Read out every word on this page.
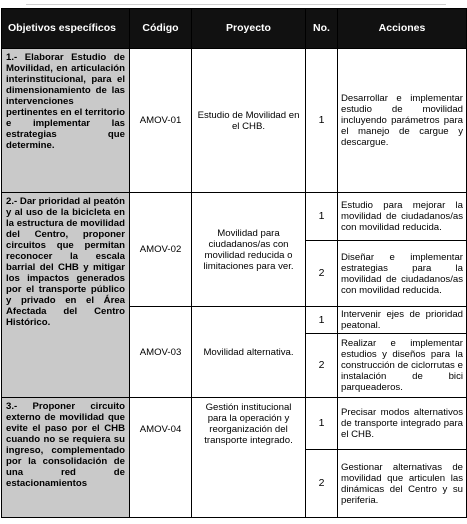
Objetivos específicos	Código	Proyecto	No.	Acciones
1.- Elaborar Estudio de Movilidad, en articulación interinstitucional, para el dimensionamiento de las intervenciones pertinentes en el territorio e implementar las estrategias que determine.	AMOV-01	Estudio de Movilidad en el CHB.	1	Desarrollar e implementar estudio de movilidad incluyendo parámetros para el manejo de cargue y descargue.
2.- Dar prioridad al peatón y al uso de la bicicleta en la estructura de movilidad del Centro, proponer circuitos que permitan reconocer la escala barrial del CHB y mitigar los impactos generados por el transporte público y privado en el Área Afectada del Centro Histórico.	AMOV-02	Movilidad para ciudadanos/as con movilidad reducida o limitaciones para ver.	1	Estudio para mejorar la movilidad de ciudadanos/as con movilidad reducida.
			2	Diseñar e implementar estrategias para la movilidad de ciudadanos/as con movilidad reducida.
	AMOV-03	Movilidad alternativa.	1	Intervenir ejes de prioridad peatonal.
			2	Realizar e implementar estudios y diseños para la construcción de ciclorrutas e instalación de bici parqueaderos.
3.- Proponer circuito externo de movilidad que evite el paso por el CHB cuando no se requiera su ingreso, complementado por la consolidación de una red de estacionamientos	AMOV-04	Gestión institucional para la operación y reorganización del transporte integrado.	1	Precisar modos alternativos de transporte integrado para el CHB.
			2	Gestionar alternativas de movilidad que articulen las dinámicas del Centro y su periferia.
